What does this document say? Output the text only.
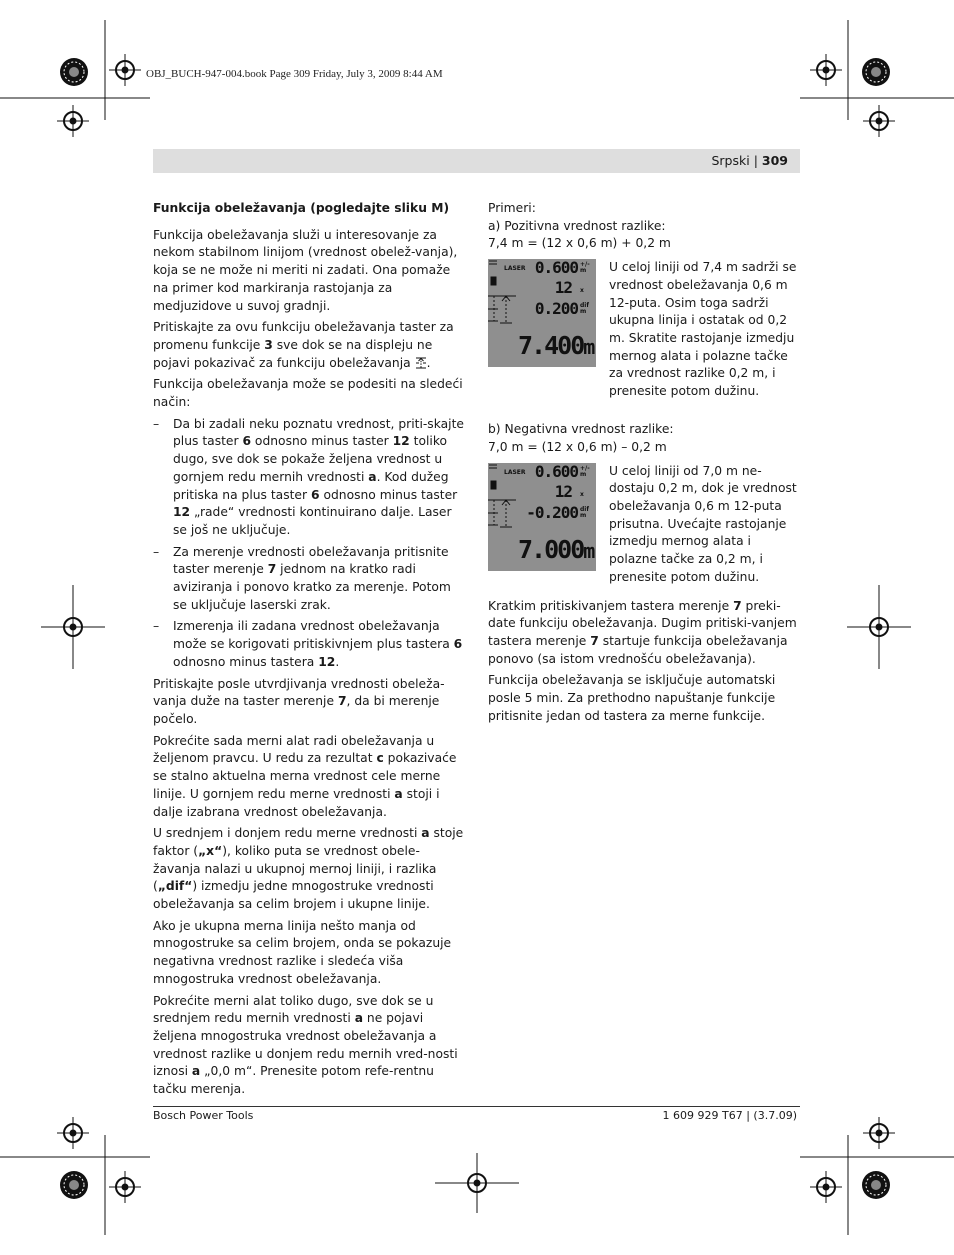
OBJ_BUCH-947-004.book Page 309 Friday, July 3, 2009 8:44 AM
Srpski | 309

Funkcija obeležavanja (pogledajte sliku M)

Funkcija obeležavanja služi u interesovanje za nekom stabilnom linijom (vrednost obelež-vanja), koja se ne može ni meriti ni zadati. Ona pomaže na primer kod markiranja rastojanja za medjuzidove u suvoj gradnji.

Pritiskajte za ovu funkciju obeležavanja taster za promenu funkcije 3 sve dok se na displeju ne pojavi pokazivač za funkciju obeležavanja .

Funkcija obeležavanja može se podesiti na sledeći način:

– Da bi zadali neku poznatu vrednost, priti-skajte plus taster 6 odnosno minus taster 12 toliko dugo, sve dok se pokaže željena vrednost u gornjem redu mernih vrednosti a. Kod dužeg pritiska na plus taster 6 odnosno minus taster 12 „rade“ vrednosti kontinuirano dalje. Laser se još ne uključuje.
– Za merenje vrednosti obeležavanja pritisnite taster merenje 7 jednom na kratko radi aviziranja i ponovo kratko za merenje. Potom se uključuje laserski zrak.
– Izmerenja ili zadana vrednost obeležavanja može se korigovati pritiskivnjem plus tastera 6 odnosno minus tastera 12.

Pritiskajte posle utvrdjivanja vrednosti obeleža-vanja duže na taster merenje 7, da bi merenje počelo.

Pokrećite sada merni alat radi obeležavanja u željenom pravcu. U redu za rezultat c pokazivaće se stalno aktuelna merna vrednost cele merne linije. U gornjem redu merne vrednosti a stoji i dalje izabrana vrednost obeležavanja.

U srednjem i donjem redu merne vrednosti a stoje faktor („x“), koliko puta se vrednost obele-žavanja nalazi u ukupnoj mernoj liniji, i razlika („dif“) izmedju jedne mnogostruke vrednosti obeležavanja sa celim brojem i ukupne linije.

Ako je ukupna merna linija nešto manja od mnogostruke sa celim brojem, onda se pokazuje negativna vrednost razlike i sledeća viša mnogostruka vrednost obeležavanja.

Pokrećite merni alat toliko dugo, sve dok se u srednjem redu mernih vrednosti a ne pojavi željena mnogostruka vrednost obeležavanja a vrednost razlike u donjem redu mernih vred-nosti iznosi a „0,0 m“. Prenesite potom refe-rentnu tačku merenja.

Primeri:

a) Pozitivna vrednost razlike:

7,4 m = (12 x 0,6 m) + 0,2 m

LASER 0.600 +/- m
12 x
0.200 dif m
7.400m
U celoj liniji od 7,4 m sadrži se vrednost obeležavanja 0,6 m 12-puta. Osim toga sadrži ukupna linija i ostatak od 0,2 m. Skratite rastojanje izmedju mernog alata i polazne tačke za vrednost razlike 0,2 m, i prenesite potom dužinu.

b) Negativna vrednost razlike:

7,0 m = (12 x 0,6 m) – 0,2 m

LASER 0.600 +/- m
12 x
-0.200 dif m
7.000m
U celoj liniji od 7,0 m ne-dostaju 0,2 m, dok je vrednost obeležavanja 0,6 m 12-puta prisutna. Uvećajte rastojanje izmedju mernog alata i polazne tačke za 0,2 m, i prenesite potom dužinu.

Kratkim pritiskivanjem tastera merenje 7 preki-date funkciju obeležavanja. Dugim pritiski-vanjem tastera merenje 7 startuje funkcija obeležavanja ponovo (sa istom vrednošću obeležavanja).

Funkcija obeležavanja se isključuje automatski posle 5 min. Za prethodno napuštanje funkcije pritisnite jedan od tastera za merne funkcije.

Bosch Power Tools	1 609 929 T67 | (3.7.09)
